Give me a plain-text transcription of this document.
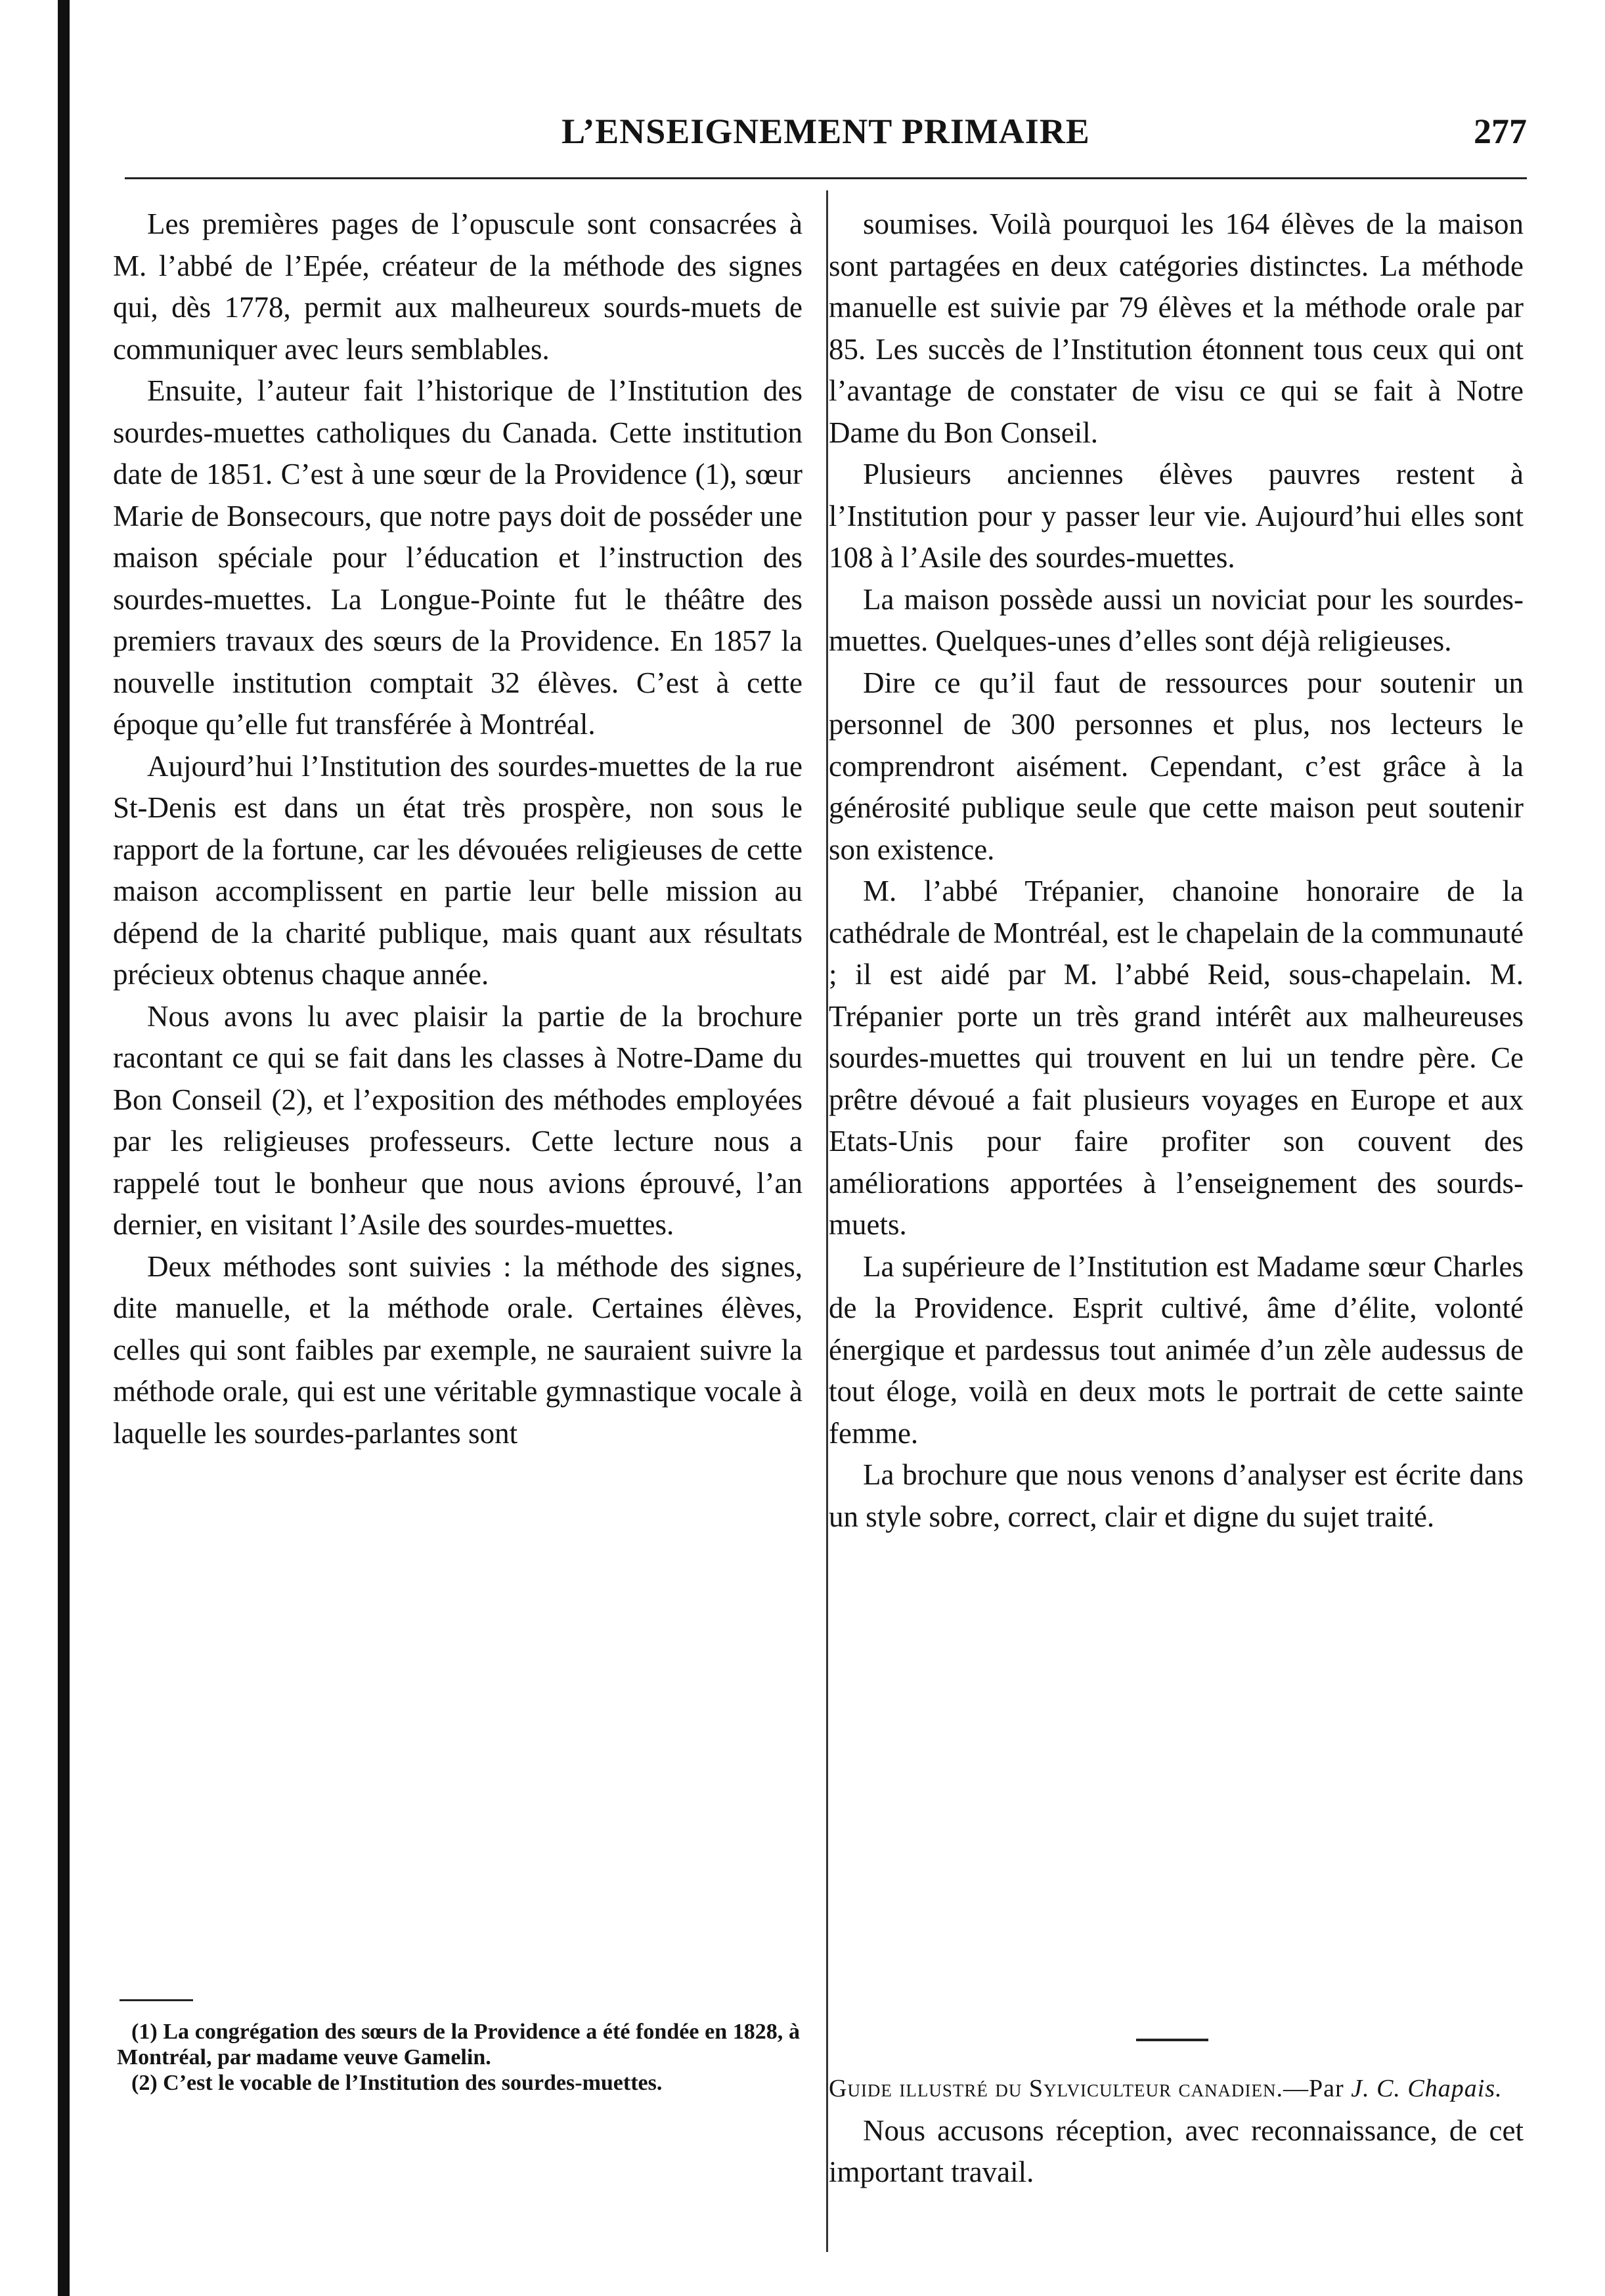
L’ENSEIGNEMENT PRIMAIRE	277

Les premières pages de l’opuscule sont consacrées à M. l’abbé de l’Epée, créateur de la méthode des signes qui, dès 1778, permit aux malheureux sourds-muets de communiquer avec leurs semblables.

Ensuite, l’auteur fait l’historique de l’Institution des sourdes-muettes catholiques du Canada. Cette institution date de 1851. C’est à une sœur de la Providence (1), sœur Marie de Bonsecours, que notre pays doit de posséder une maison spéciale pour l’éducation et l’instruction des sourdes-muettes. La Longue-Pointe fut le théâtre des premiers travaux des sœurs de la Providence. En 1857 la nouvelle institution comptait 32 élèves. C’est à cette époque qu’elle fut transférée à Montréal.

Aujourd’hui l’Institution des sourdes-muettes de la rue St-Denis est dans un état très prospère, non sous le rapport de la fortune, car les dévouées religieuses de cette maison accomplissent en partie leur belle mission au dépend de la charité publique, mais quant aux résultats précieux obtenus chaque année.

Nous avons lu avec plaisir la partie de la brochure racontant ce qui se fait dans les classes à Notre-Dame du Bon Conseil (2), et l’exposition des méthodes employées par les religieuses professeurs. Cette lecture nous a rappelé tout le bonheur que nous avions éprouvé, l’an dernier, en visitant l’Asile des sourdes-muettes.

Deux méthodes sont suivies : la méthode des signes, dite manuelle, et la méthode orale. Certaines élèves, celles qui sont faibles par exemple, ne sauraient suivre la méthode orale, qui est une véritable gymnastique vocale à laquelle les sourdes-parlantes sont

(1) La congrégation des sœurs de la Providence a été fondée en 1828, à Montréal, par madame veuve Gamelin.

(2) C’est le vocable de l’Institution des sourdes-muettes.

soumises. Voilà pourquoi les 164 élèves de la maison sont partagées en deux catégories distinctes. La méthode manuelle est suivie par 79 élèves et la méthode orale par 85. Les succès de l’Institution étonnent tous ceux qui ont l’avantage de constater de visu ce qui se fait à Notre Dame du Bon Conseil.

Plusieurs anciennes élèves pauvres restent à l’Institution pour y passer leur vie. Aujourd’hui elles sont 108 à l’Asile des sourdes-muettes.

La maison possède aussi un noviciat pour les sourdes-muettes. Quelques-unes d’elles sont déjà religieuses.

Dire ce qu’il faut de ressources pour soutenir un personnel de 300 personnes et plus, nos lecteurs le comprendront aisément. Cependant, c’est grâce à la générosité publique seule que cette maison peut soutenir son existence.

M. l’abbé Trépanier, chanoine honoraire de la cathédrale de Montréal, est le chapelain de la communauté ; il est aidé par M. l’abbé Reid, sous-chapelain. M. Trépanier porte un très grand intérêt aux malheureuses sourdes-muettes qui trouvent en lui un tendre père. Ce prêtre dévoué a fait plusieurs voyages en Europe et aux Etats-Unis pour faire profiter son couvent des améliorations apportées à l’enseignement des sourds-muets.

La supérieure de l’Institution est Madame sœur Charles de la Providence. Esprit cultivé, âme d’élite, volonté énergique et pardessus tout animée d’un zèle audessus de tout éloge, voilà en deux mots le portrait de cette sainte femme.

La brochure que nous venons d’analyser est écrite dans un style sobre, correct, clair et digne du sujet traité.

Guide illustré du Sylviculteur canadien.—Par J. C. Chapais.

Nous accusons réception, avec reconnaissance, de cet important travail.
